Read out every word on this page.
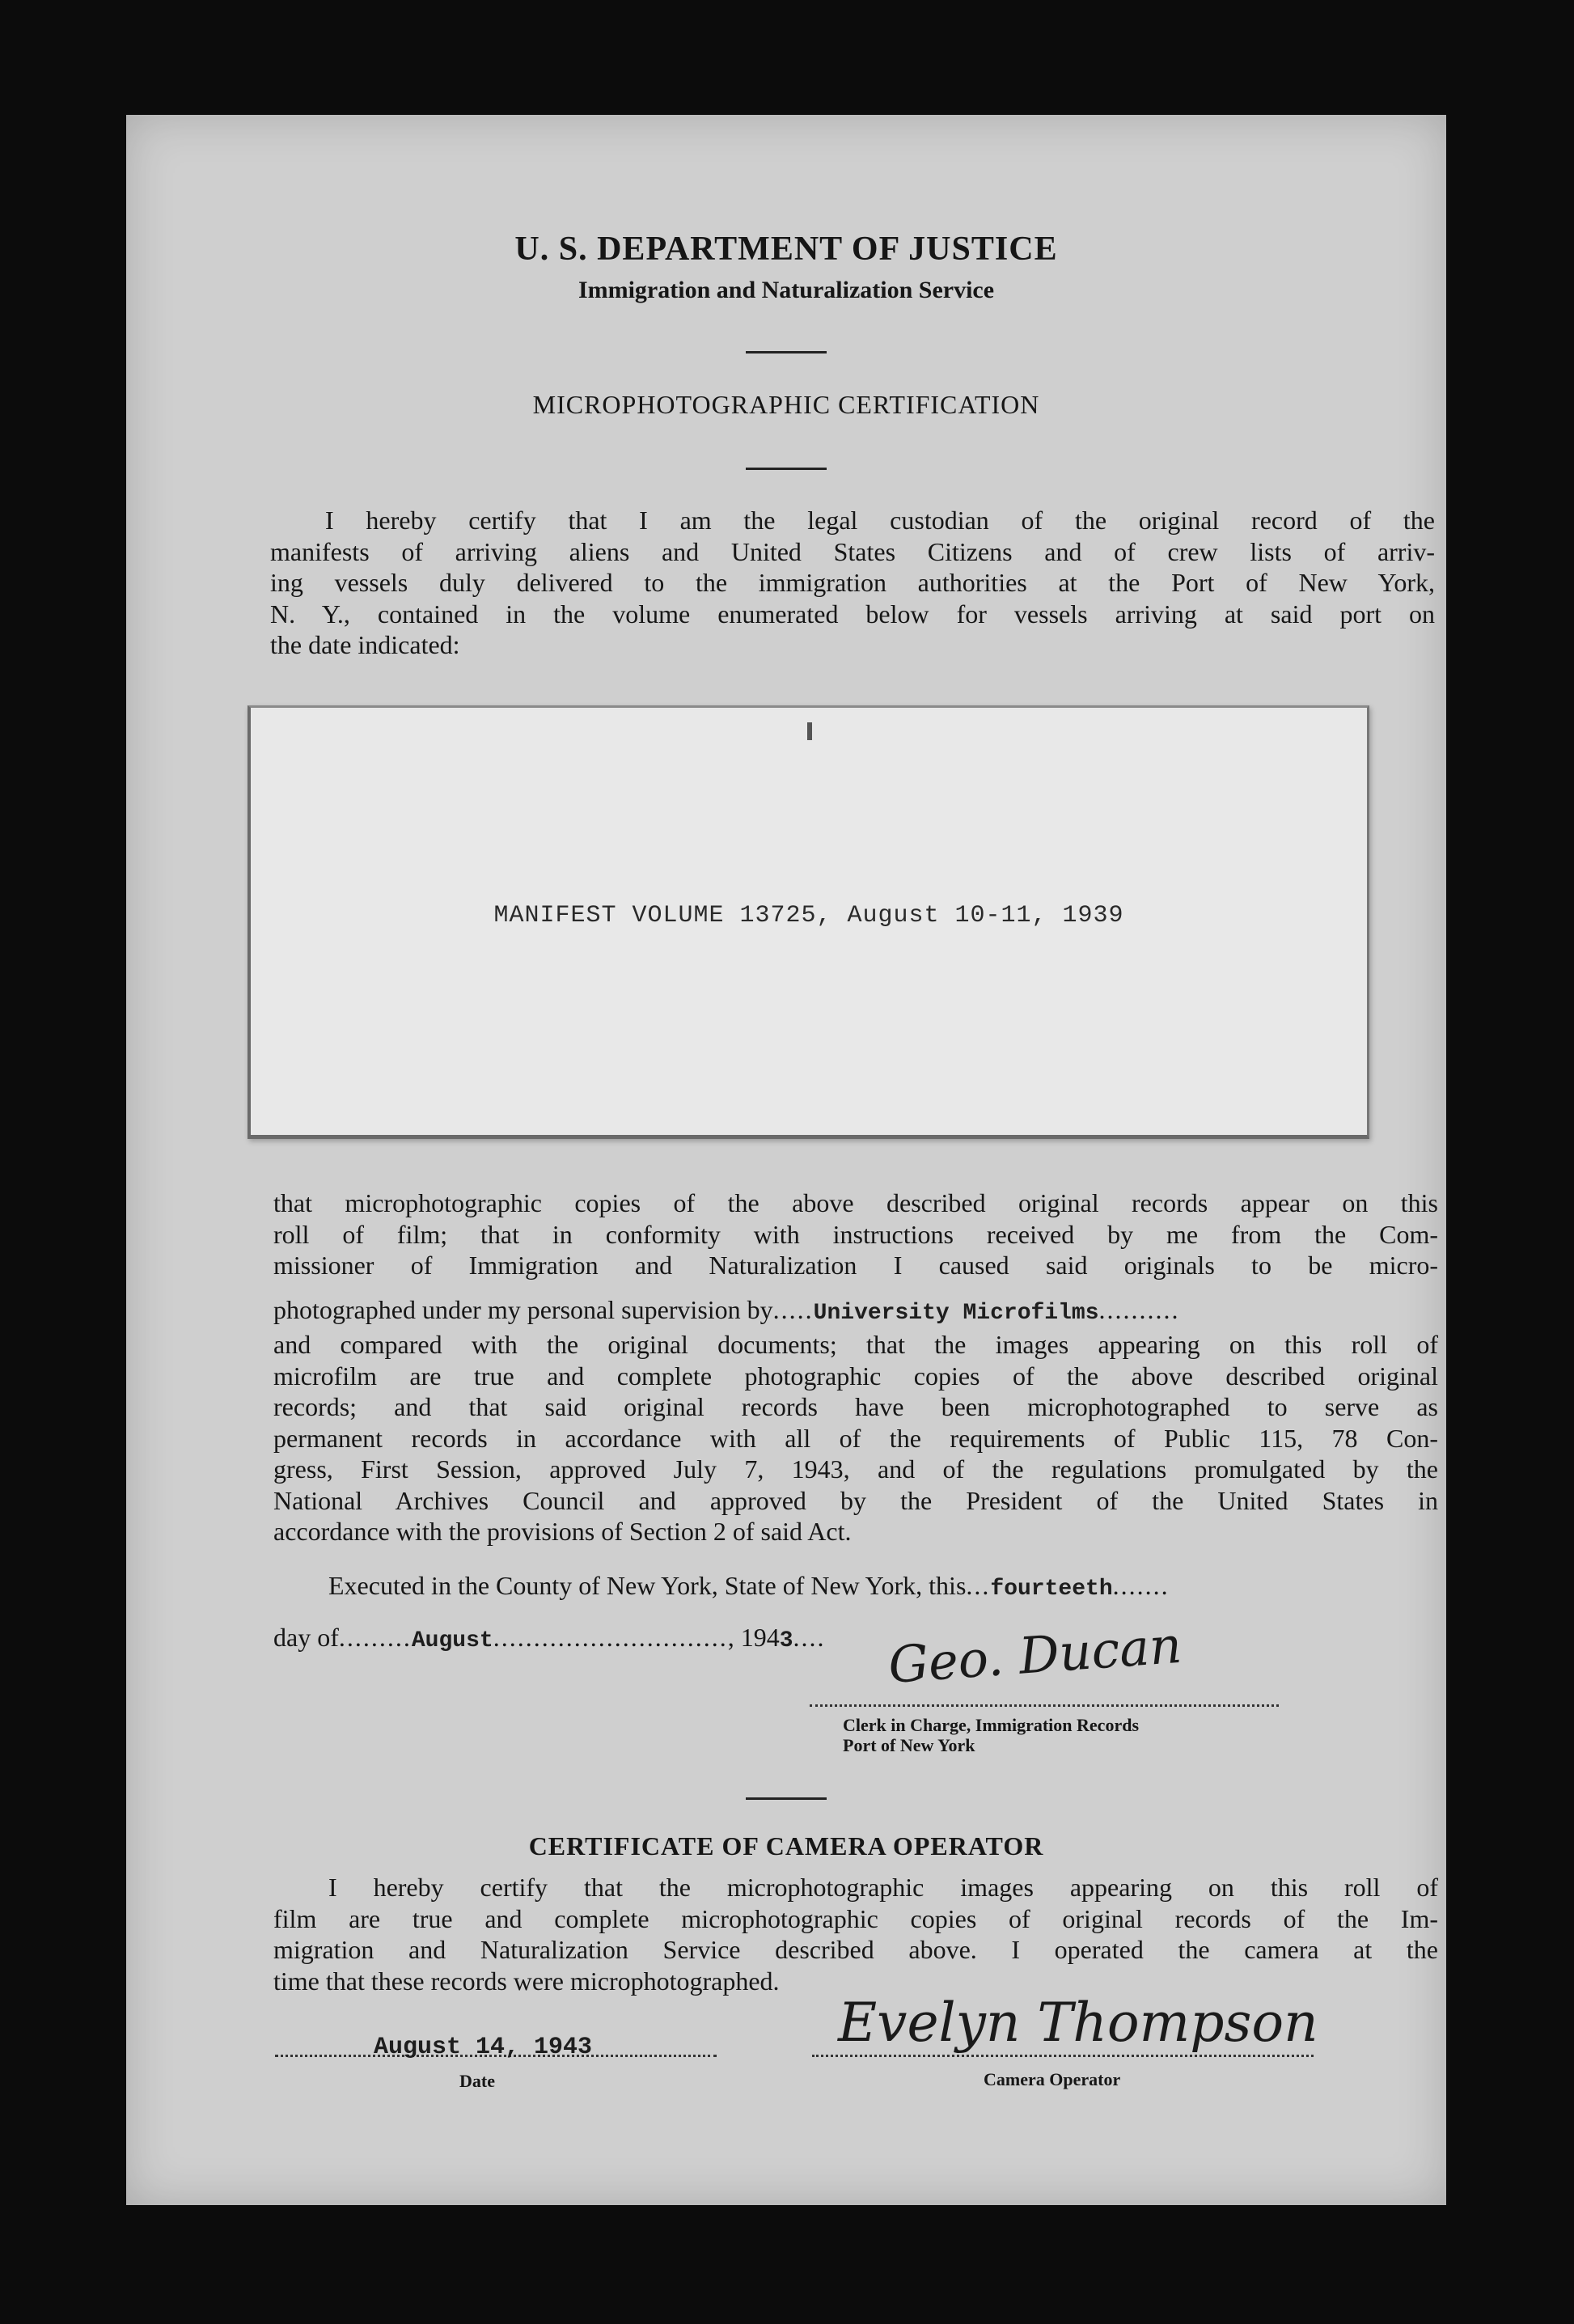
U. S. DEPARTMENT OF JUSTICE
Immigration and Naturalization Service
MICROPHOTOGRAPHIC CERTIFICATION
I hereby certify that I am the legal custodian of the original record of the
manifests of arriving aliens and United States Citizens and of crew lists of arriv-
ing vessels duly delivered to the immigration authorities at the Port of New York,
N. Y., contained in the volume enumerated below for vessels arriving at said port on
the date indicated:
MANIFEST VOLUME 13725, August 10-11, 1939
that microphotographic copies of the above described original records appear on this
roll of film; that in conformity with instructions received by me from the Com-
missioner of Immigration and Naturalization I caused said originals to be micro-
photographed under my personal supervision by.....University Microfilms..........
and compared with the original documents; that the images appearing on this roll of
microfilm are true and complete photographic copies of the above described original
records; and that said original records have been microphotographed to serve as
permanent records in accordance with all of the requirements of Public 115, 78 Con-
gress, First Session, approved July 7, 1943, and of the regulations promulgated by the
National Archives Council and approved by the President of the United States in
accordance with the provisions of Section 2 of said Act.
Executed in the County of New York, State of New York, this...fourteeth.......
day of.........August............................., 1943.... Geo. Ducan
Clerk in Charge, Immigration Records
Port of New York
CERTIFICATE OF CAMERA OPERATOR
I hereby certify that the microphotographic images appearing on this roll of
film are true and complete microphotographic copies of original records of the Im-
migration and Naturalization Service described above. I operated the camera at the
time that these records were microphotographed.
August 14, 1943
Date
Evelyn Thompson
Camera Operator
